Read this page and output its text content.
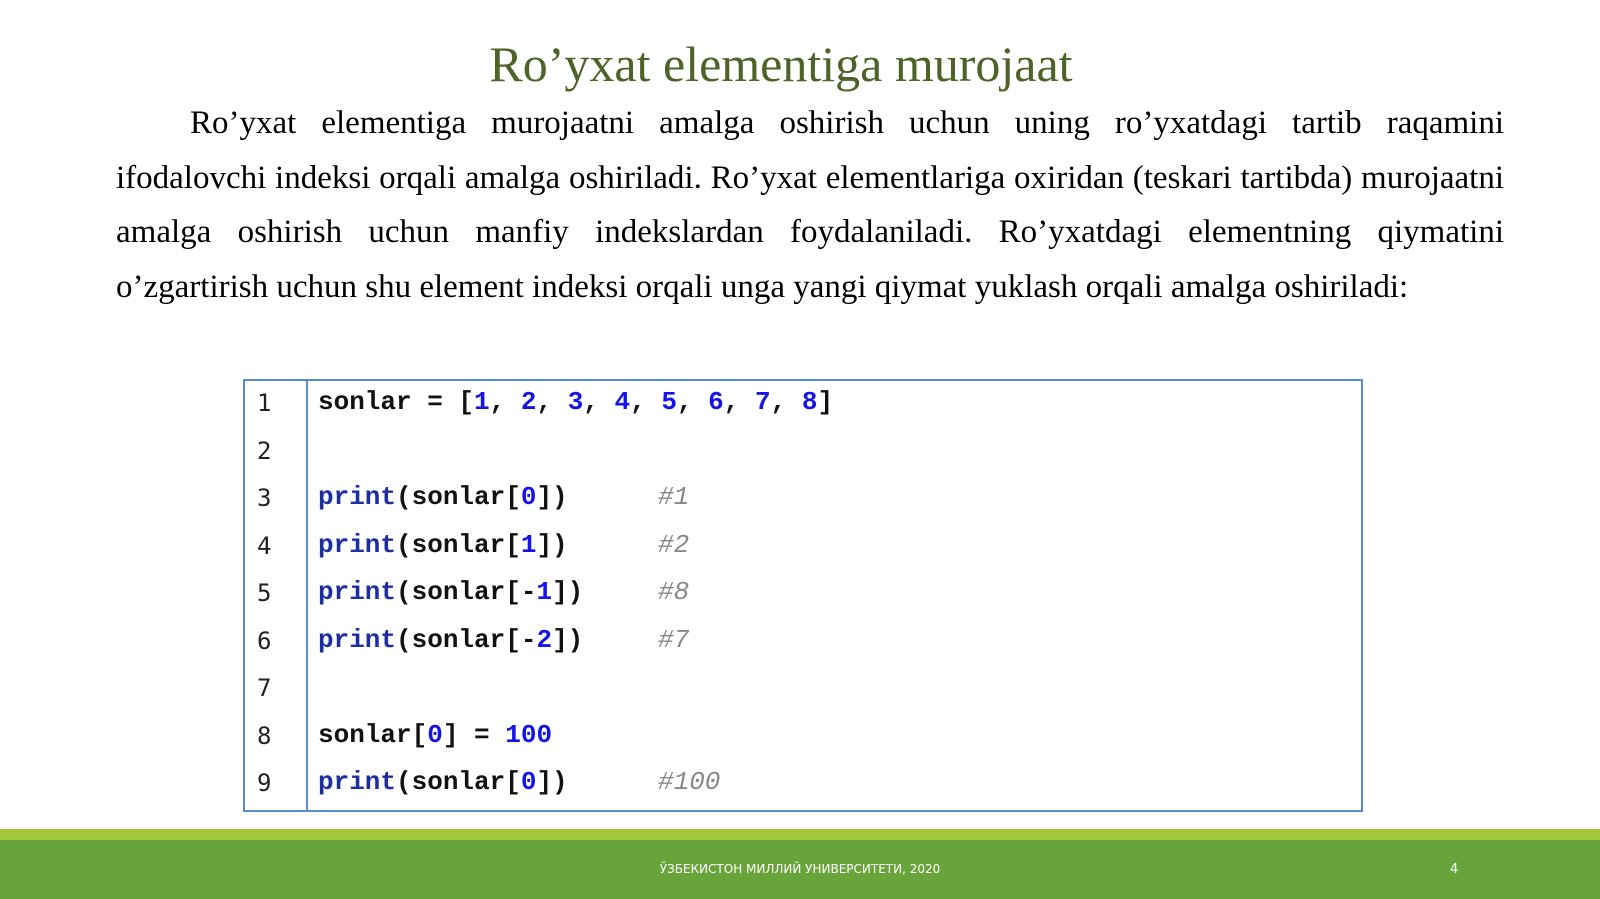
Ro’yxat elementiga murojaat

Ro’yxat elementiga murojaatni amalga oshirish uchun uning ro’yxatdagi tartib raqamini ifodalovchi indeksi orqali amalga oshiriladi. Ro’yxat elementlariga oxiridan (teskari tartibda) murojaatni amalga oshirish uchun manfiy indekslardan foydalaniladi. Ro’yxatdagi elementning qiymatini o’zgartirish uchun shu element indeksi orqali unga yangi qiymat yuklash orqali amalga oshiriladi:

1 sonlar = [1, 2, 3, 4, 5, 6, 7, 8]
2
3 print(sonlar[0])	#1
4 print(sonlar[1])	#2
5 print(sonlar[-1])	#8
6 print(sonlar[-2])	#7
7
8 sonlar[0] = 100
9 print(sonlar[0])	#100
ЎЗБЕКИСТОН МИЛЛИЙ УНИВЕРСИТЕТИ, 2020	4
